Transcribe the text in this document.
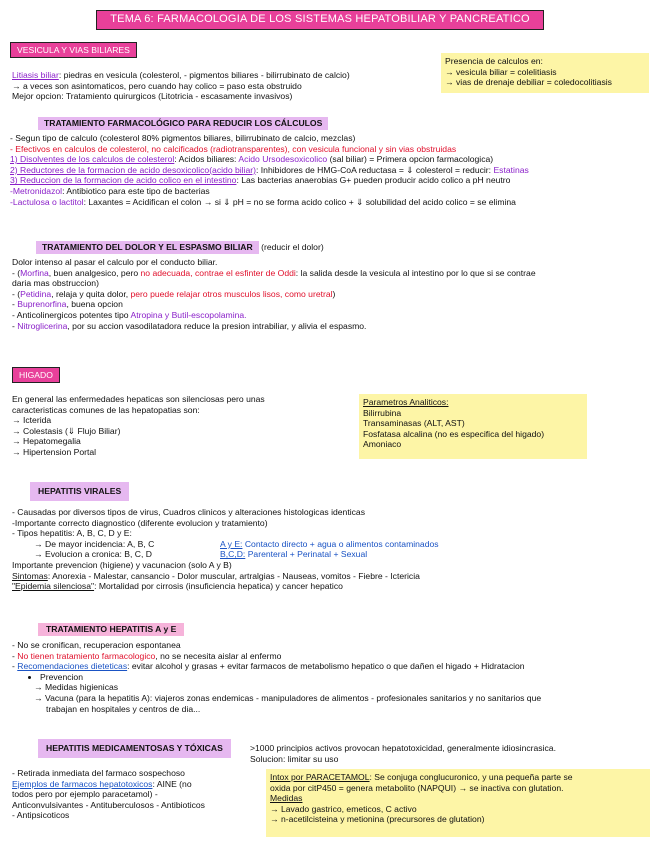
TEMA 6: FARMACOLOGIA DE LOS SISTEMAS HEPATOBILIAR Y PANCREATICO
VESICULA Y VIAS BILIARES
Presencia de calculos en:
→ vesicula biliar = colelitiasis
→ vias de drenaje debiliar = coledocolitiasis
Litiasis biliar: piedras en vesicula (colesterol, - pigmentos biliares - bilirrubinato de calcio)
→ a veces son asintomaticos, pero cuando hay colico = paso esta obstruido
Mejor opcion: Tratamiento quirurgicos (Litotricia - escasamente invasivos)
TRATAMIENTO FARMACOLÓGICO PARA REDUCIR LOS CÁLCULOS
- Segun tipo de calculo (colesterol 80% pigmentos biliares, bilirrubinato de calcio, mezclas)
- Efectivos en calculos de colesterol, no calcificados (radiotransparentes), con vesicula funcional y sin vias obstruidas
1) Disolventes de los calculos de colesterol: Acidos biliares: Acido Ursodesoxicolico (sal biliar) = Primera opcion farmacologica)
2) Reductores de la formacion de acido desoxicolico(acido biliar): Inhibidores de HMG-CoA reductasa = ⇓ colesterol = reducir: Estatinas
3) Reduccion de la formacion de acido colico en el intestino: Las bacterias anaerobias G+ pueden producir acido colico a pH neutro
-Metronidazol: Antibiotico para este tipo de bacterias
-Lactulosa o lactitol: Laxantes = Acidifican el colon → si ⇓ pH = no se forma acido colico + ⇓ solubilidad del acido colico = se elimina
TRATAMIENTO DEL DOLOR Y EL ESPASMO BILIAR (reducir el dolor)
Dolor intenso al pasar el calculo por el conducto biliar.
- (Morfina, buen analgesico, pero no adecuada, contrae el esfinter de Oddi: la salida desde la vesicula al intestino por lo que si se contrae
daria mas obstruccion)
- (Petidina, relaja y quita dolor, pero puede relajar otros musculos lisos, como uretral)
- Buprenorfina, buena opcion
- Anticolinergicos potentes tipo Atropina y Butil-escopolamina.
- Nitroglicerina, por su accion vasodilatadora reduce la presion intrabiliar, y alivia el espasmo.
HIGADO
En general las enfermedades hepaticas son silenciosas pero unas
caracteristicas comunes de las hepatopatias son:
→ Icterida
→ Colestasis (⇓ Flujo Biliar)
→ Hepatomegalia
→ Hipertension Portal
Parametros Analiticos:
Bilirrubina
Transaminasas (ALT, AST)
Fosfatasa alcalina (no es especifica del higado)
Amoniaco
HEPATITIS VIRALES
- Causadas por diversos tipos de virus, Cuadros clinicos y alteraciones histologicas identicas
-Importante correcto diagnostico (diferente evolucion y tratamiento)
- Tipos hepatitis: A, B, C, D y E:
→ De mayor incidencia: A, B, C	A y E: Contacto directo + agua o alimentos contaminados
→ Evolucion a cronica: B, C, D	B,C,D: Parenteral + Perinatal + Sexual
Importante prevencion (higiene) y vacunacion (solo A y B)
Sintomas: Anorexia - Malestar, cansancio - Dolor muscular, artralgias - Nauseas, vomitos - Fiebre - Ictericia
"Epidemia silenciosa": Mortalidad por cirrosis (insuficiencia hepatica) y cancer hepatico
TRATAMIENTO HEPATITIS A y E
- No se cronifican, recuperacion espontanea
- No tienen tratamiento farmacologico, no se necesita aislar al enfermo
- Recomendaciones dieteticas: evitar alcohol y grasas + evitar farmacos de metabolismo hepatico o que dañen el higado + Hidratacion
• Prevencion
→ Medidas higienicas
→ Vacuna (para la hepatitis A): viajeros zonas endemicas - manipuladores de alimentos - profesionales sanitarios y no sanitarios que
trabajan en hospitales y centros de dia...
HEPATITIS MEDICAMENTOSAS Y TÓXICAS	>1000 principios activos provocan hepatotoxicidad, generalmente idiosincrasica.
Solucion: limitar su uso
- Retirada inmediata del farmaco sospechoso
Ejemplos de farmacos hepatotoxicos: AINE (no
todos pero por ejemplo paracetamol) -
Anticonvulsivantes - Antituberculosos - Antibioticos
- Antipsicoticos
Intox por PARACETAMOL: Se conjuga conglucuronico, y una pequeña parte se
oxida por citP450 = genera metabolito (NAPQUI) → se inactiva con glutation.
Medidas
→ Lavado gastrico, emeticos, C activo
→ n-acetilcisteina y metionina (precursores de glutation)
